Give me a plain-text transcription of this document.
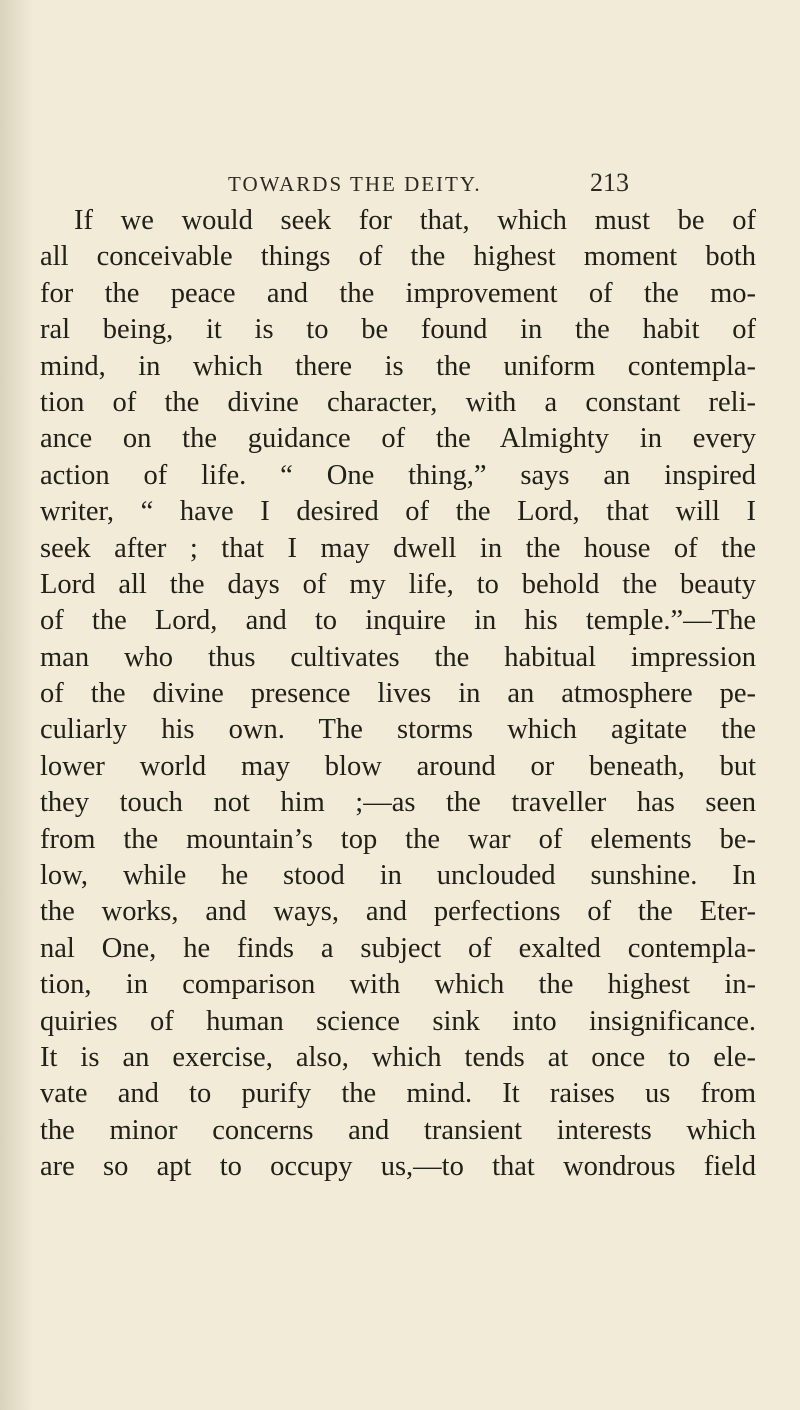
TOWARDS THE DEITY.	213
If we would seek for that, which must be of
all conceivable things of the highest moment both
for the peace and the improvement of the mo-
ral being, it is to be found in the habit of
mind, in which there is the uniform contempla-
tion of the divine character, with a constant reli-
ance on the guidance of the Almighty in every
action of life. “ One thing,” says an inspired
writer, “ have I desired of the Lord, that will I
seek after ; that I may dwell in the house of the
Lord all the days of my life, to behold the beauty
of the Lord, and to inquire in his temple.”—The
man who thus cultivates the habitual impression
of the divine presence lives in an atmosphere pe-
culiarly his own. The storms which agitate the
lower world may blow around or beneath, but
they touch not him ;—as the traveller has seen
from the mountain’s top the war of elements be-
low, while he stood in unclouded sunshine. In
the works, and ways, and perfections of the Eter-
nal One, he finds a subject of exalted contempla-
tion, in comparison with which the highest in-
quiries of human science sink into insignificance.
It is an exercise, also, which tends at once to ele-
vate and to purify the mind. It raises us from
the minor concerns and transient interests which
are so apt to occupy us,—to that wondrous field
